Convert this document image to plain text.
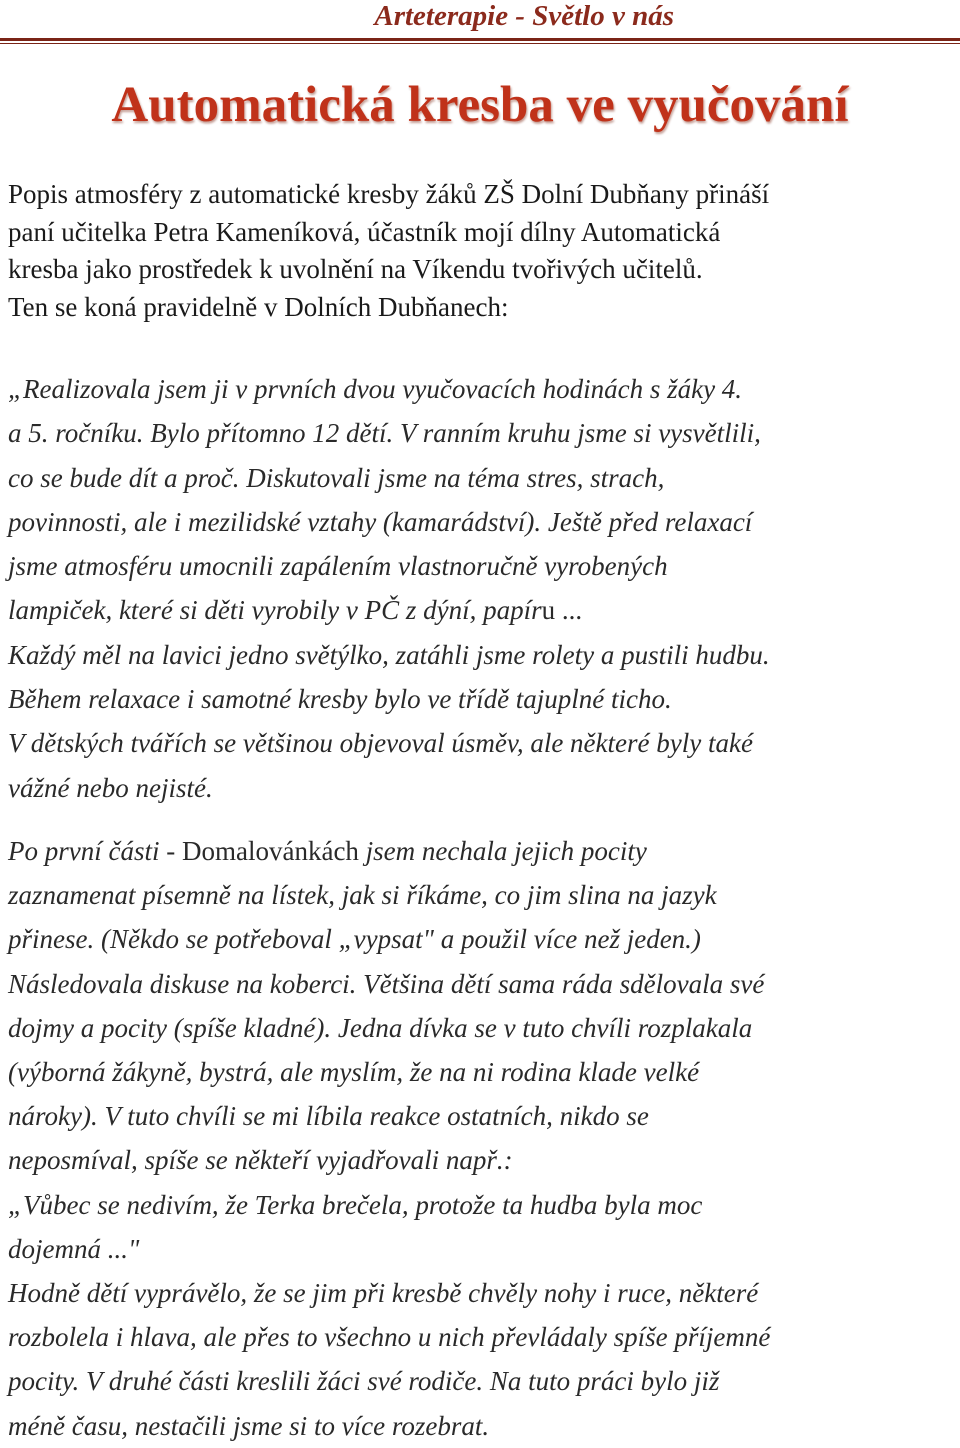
Arteterapie - Světlo v nás
Automatická kresba ve vyučování
Popis atmosféry z automatické kresby žáků ZŠ Dolní Dubňany přináší
paní učitelka Petra Kameníková, účastník mojí dílny Automatická
kresba jako prostředek k uvolnění na Víkendu tvořivých učitelů.
Ten se koná pravidelně v Dolních Dubňanech:
„Realizovala jsem ji v prvních dvou vyučovacích hodinách s žáky 4.
a 5. ročníku. Bylo přítomno 12 dětí. V ranním kruhu jsme si vysvětlili,
co se bude dít a proč. Diskutovali jsme na téma stres, strach,
povinnosti, ale i mezilidské vztahy (kamarádství). Ještě před relaxací
jsme atmosféru umocnili zapálením vlastnoručně vyrobených
lampiček, které si děti vyrobily v PČ z dýní, papíru ...
Každý měl na lavici jedno světýlko, zatáhli jsme rolety a pustili hudbu.
Během relaxace i samotné kresby bylo ve třídě tajuplné ticho.
V dětských tvářích se většinou objevoval úsměv, ale některé byly také
vážné nebo nejisté.
Po první části - Domalovánkách jsem nechala jejich pocity
zaznamenat písemně na lístek, jak si říkáme, co jim slina na jazyk
přinese. (Někdo se potřeboval „vypsat" a použil více než jeden.)
Následovala diskuse na koberci. Většina dětí sama ráda sdělovala své
dojmy a pocity (spíše kladné). Jedna dívka se v tuto chvíli rozplakala
(výborná žákyně, bystrá, ale myslím, že na ni rodina klade velké
nároky). V tuto chvíli se mi líbila reakce ostatních, nikdo se
neposmíval, spíše se někteří vyjadřovali např.:
„Vůbec se nedivím, že Terka brečela, protože ta hudba byla moc
dojemná ..."
Hodně dětí vyprávělo, že se jim při kresbě chvěly nohy i ruce, některé
rozbolela i hlava, ale přes to všechno u nich převládaly spíše příjemné
pocity. V druhé části kreslili žáci své rodiče. Na tuto práci bylo již
méně času, nestačili jsme si to více rozebrat.
